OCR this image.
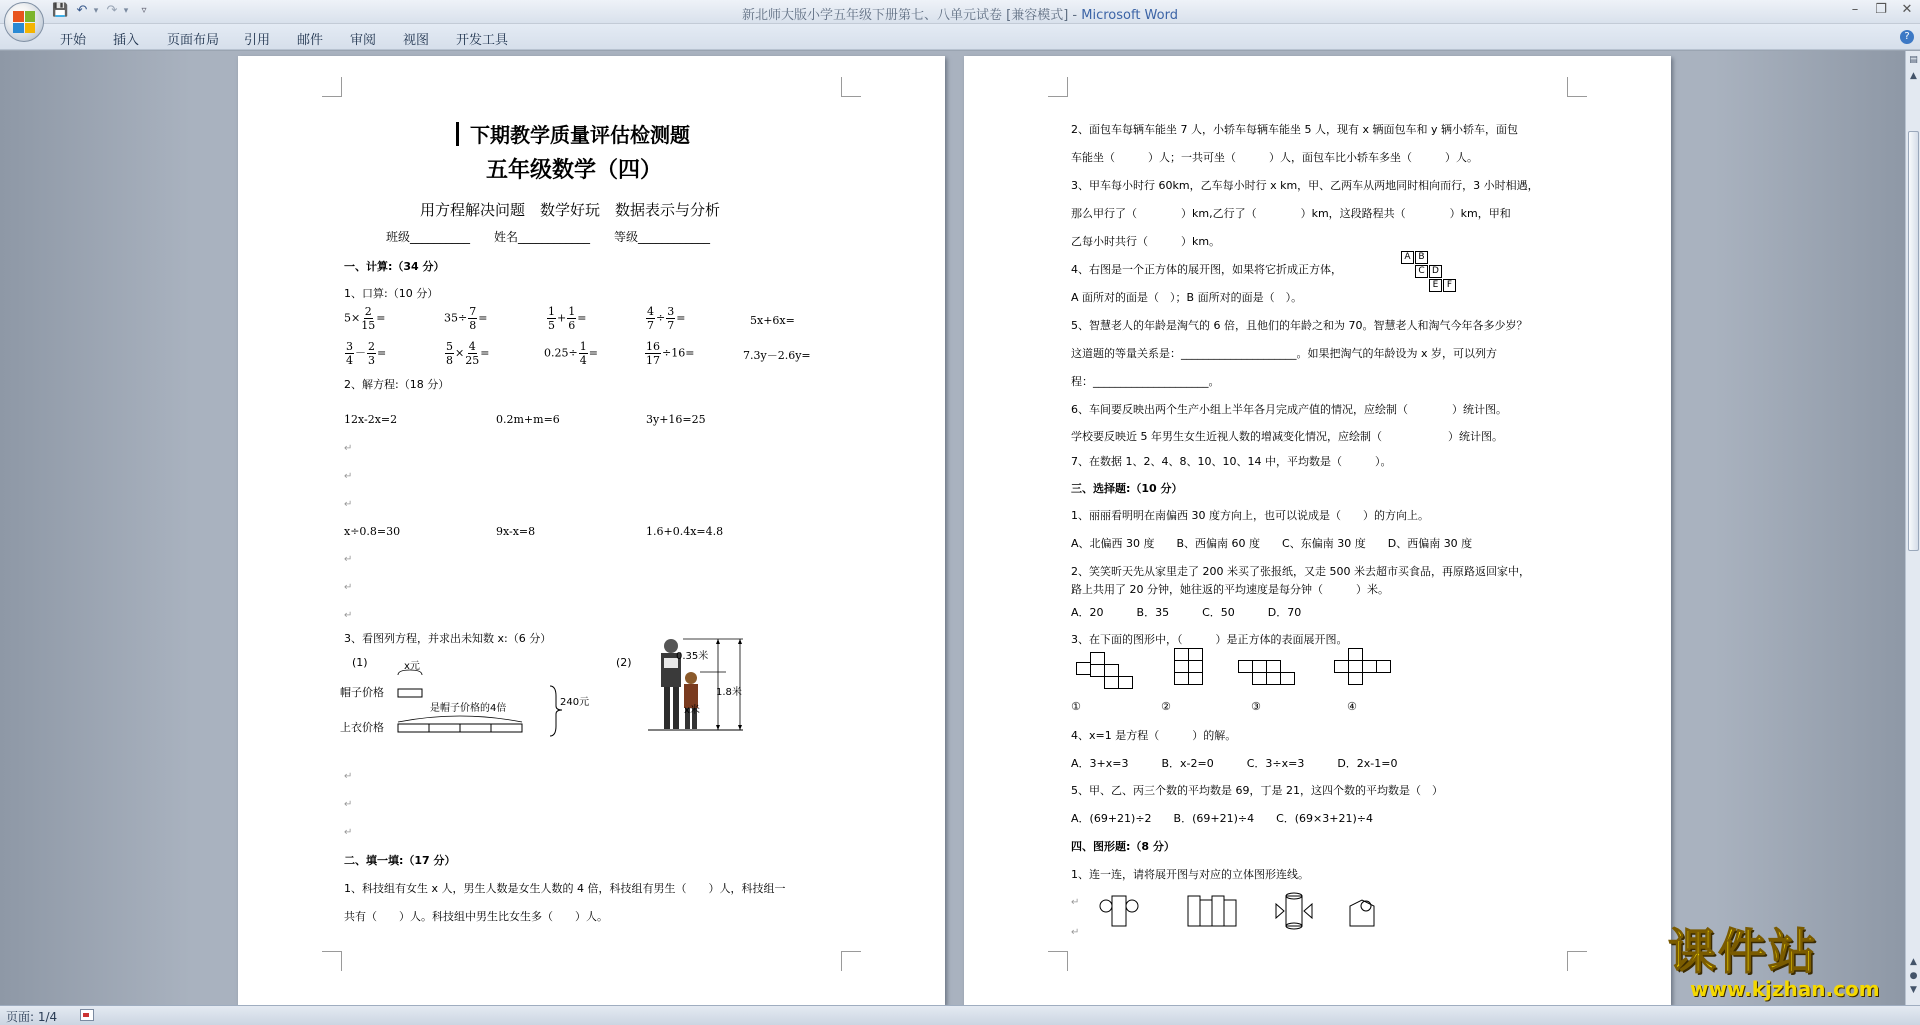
💾 ↶ ▾ ↷ ▾	▿	新北师大版小学五年级下册第七、八单元试卷 [兼容模式] - Microsoft Word	–	❐	✕
开始 插入 页面布局 引用 邮件 审阅 视图 开发工具	?
▤
▲
▲
●
▼
下期教学质量评估检测题
五年级数学（四）
用方程解决问题　数学好玩　数据表示与分析
班级__________　　姓名____________　　等级____________
一、计算:（34 分）
1、口算:（10 分）
$5\times \frac{2}{15}$ =	$35\div \frac{7}{8}$ =	$\frac{1}{5} + \frac{1}{6}$ =	$\frac{4}{7} \div \frac{3}{7}$ =	5x+6x=
$\frac{3}{4} - \frac{2}{3}$ =	$\frac{5}{8} \times \frac{4}{25}$ =	$0.25\div \frac{1}{4}$ =	$\frac{16}{17} \div 16=$	7.3y－2.6y=
2、解方程:（18 分）
12x-2x=2	0.2m+m=6	3y+16=25
↵
↵
↵
x÷0.8=30	9x-x=8	1.6+0.4x=4.8
↵
↵
↵
3、看图列方程，并求出未知数 x:（6 分）
(1)	x元
帽子价格
上衣价格
是帽子价格的4倍
240元
(2)	0.35米
1.8米
x米
↵
↵
↵
二、填一填:（17 分）
1、科技组有女生 x 人，男生人数是女生人数的 4 倍，科技组有男生（　　）人，科技组一
共有（　　）人。科技组中男生比女生多（　　）人。
2、面包车每辆车能坐 7 人，小轿车每辆车能坐 5 人，现有 x 辆面包车和 y 辆小轿车，面包
车能坐（　　　）人；一共可坐（　　　）人，面包车比小轿车多坐（　　　）人。
3、甲车每小时行 60km，乙车每小时行 x km，甲、乙两车从两地同时相向而行，3 小时相遇，
那么甲行了（　　　　）km,乙行了（　　　　）km，这段路程共（　　　　）km，甲和
乙每小时共行（　　　）km。
4、右图是一个正方体的展开图，如果将它折成正方体，
A B
C D
E F
A 面所对的面是（　）；B 面所对的面是（　）。
5、智慧老人的年龄是淘气的 6 倍，且他们的年龄之和为 70。智慧老人和淘气今年各多少岁？
这道题的等量关系是：_____________________。如果把淘气的年龄设为 x 岁，可以列方
程：_____________________。
6、车间要反映出两个生产小组上半年各月完成产值的情况，应绘制（　　　　）统计图。
学校要反映近 5 年男生女生近视人数的增减变化情况，应绘制（　　　　　　）统计图。
7、在数据 1、2、4、8、10、10、14 中，平均数是（　　　）。
三、选择题:（10 分）
1、丽丽看明明在南偏西 30 度方向上，也可以说成是（　　）的方向上。
A、北偏西 30 度　　B、西偏南 60 度　　C、东偏南 30 度　　D、西偏南 30 度
2、笑笑昕天先从家里走了 200 米买了张报纸，又走 500 米去超市买食品，再原路返回家中，
路上共用了 20 分钟，她往返的平均速度是每分钟（　　　）米。
A．20　　　B．35　　　C．50　　　D．70
3、在下面的图形中，（　　　）是正方体的表面展开图。
①	②	③	④
4、x=1 是方程（　　　）的解。
A．3+x=3　　　B．x-2=0　　　C．3÷x=3　　　D．2x-1=0
5、甲、乙、丙三个数的平均数是 69，丁是 21，这四个数的平均数是（　）
A．(69+21)÷2　　B．(69+21)÷4　　C．(69×3+21)÷4
四、图形题:（8 分）
1、连一连，请将展开图与对应的立体图形连线。
↵
↵	课件站
www.kjzhan.com
页面: 1/4
